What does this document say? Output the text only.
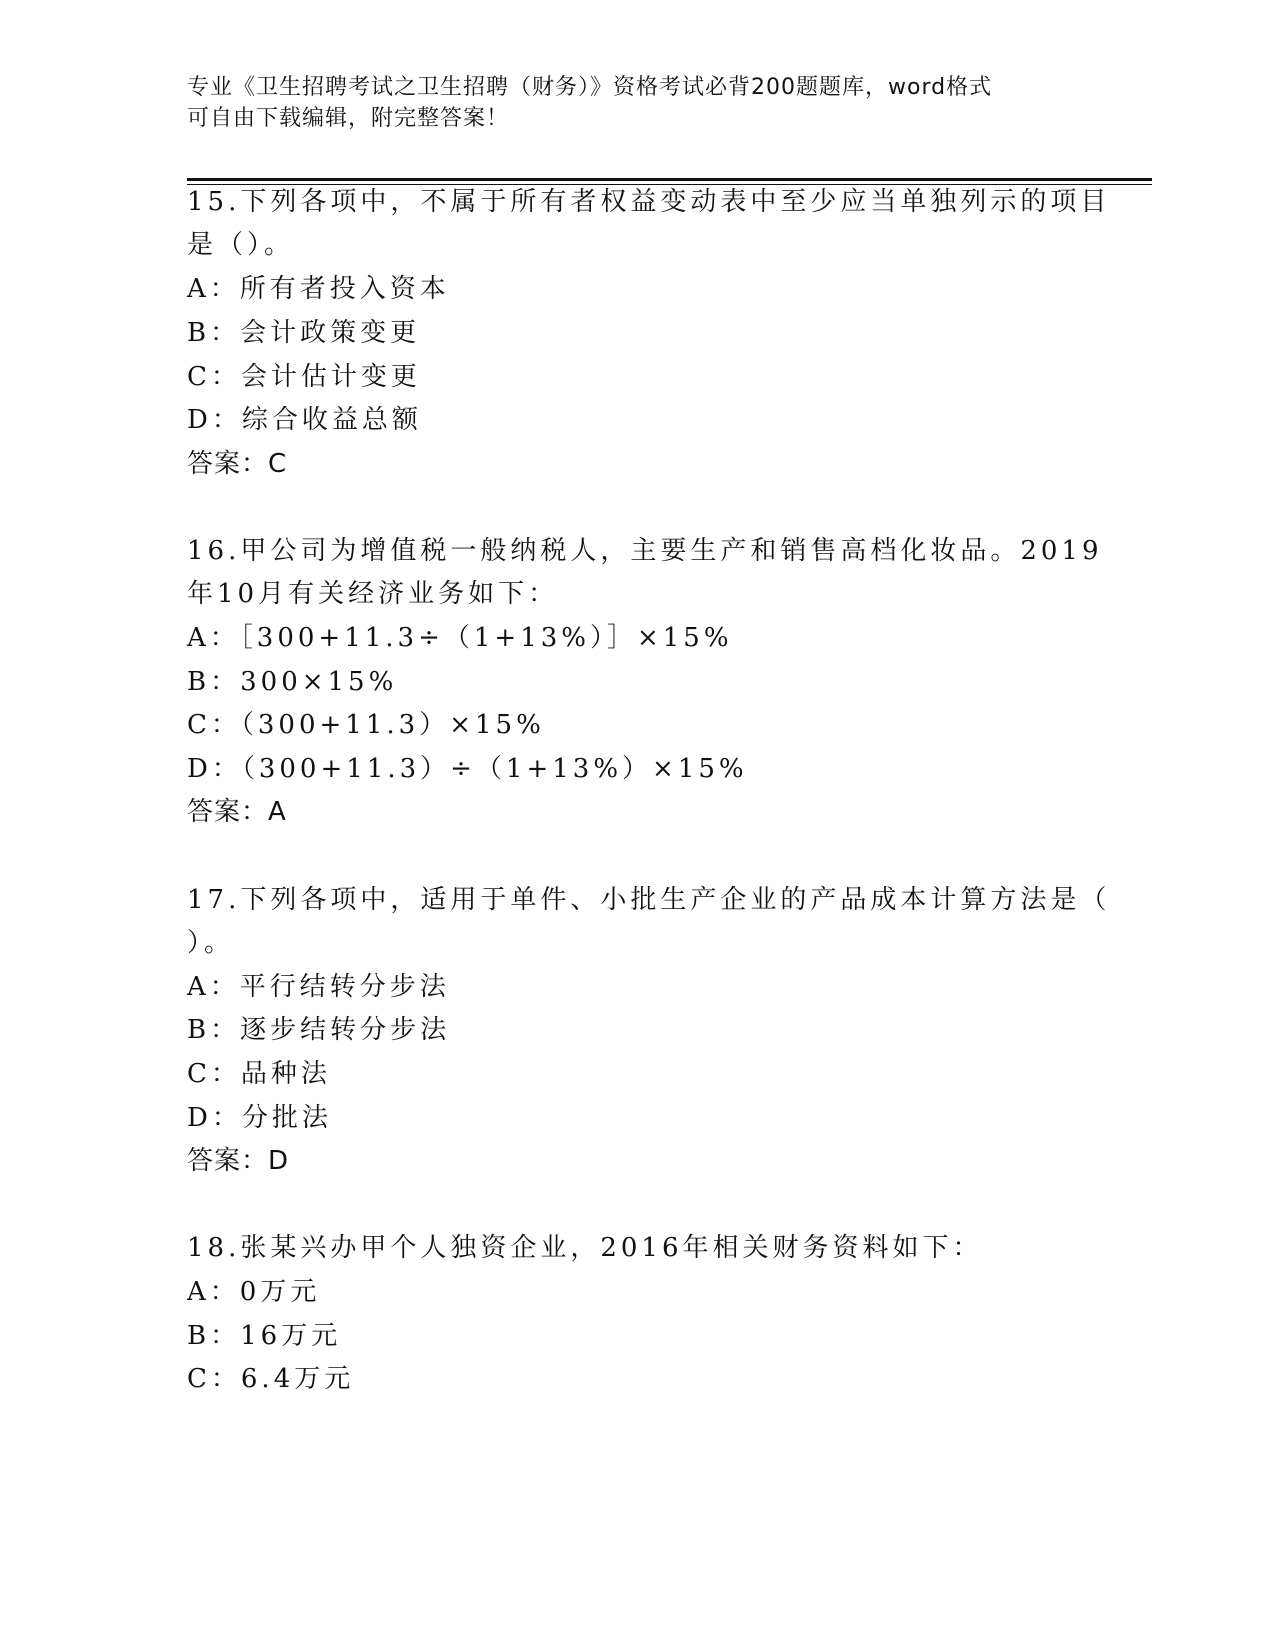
专业《卫生招聘考试之卫生招聘（财务）》资格考试必背200题题库，word格式
可自由下载编辑，附完整答案！
15.下列各项中，不属于所有者权益变动表中至少应当单独列示的项目
是（）。
A：所有者投入资本
B：会计政策变更
C：会计估计变更
D：综合收益总额
答案：C
16.甲公司为增值税一般纳税人，主要生产和销售高档化妆品。2019
年10月有关经济业务如下：
A：［300+11.3÷（1+13%）］×15%
B：300×15%
C：（300+11.3）×15%
D：（300+11.3）÷（1+13%）×15%
答案：A
17.下列各项中，适用于单件、小批生产企业的产品成本计算方法是（
）。
A：平行结转分步法
B：逐步结转分步法
C：品种法
D：分批法
答案：D
18.张某兴办甲个人独资企业，2016年相关财务资料如下：
A：0万元
B：16万元
C：6.4万元
